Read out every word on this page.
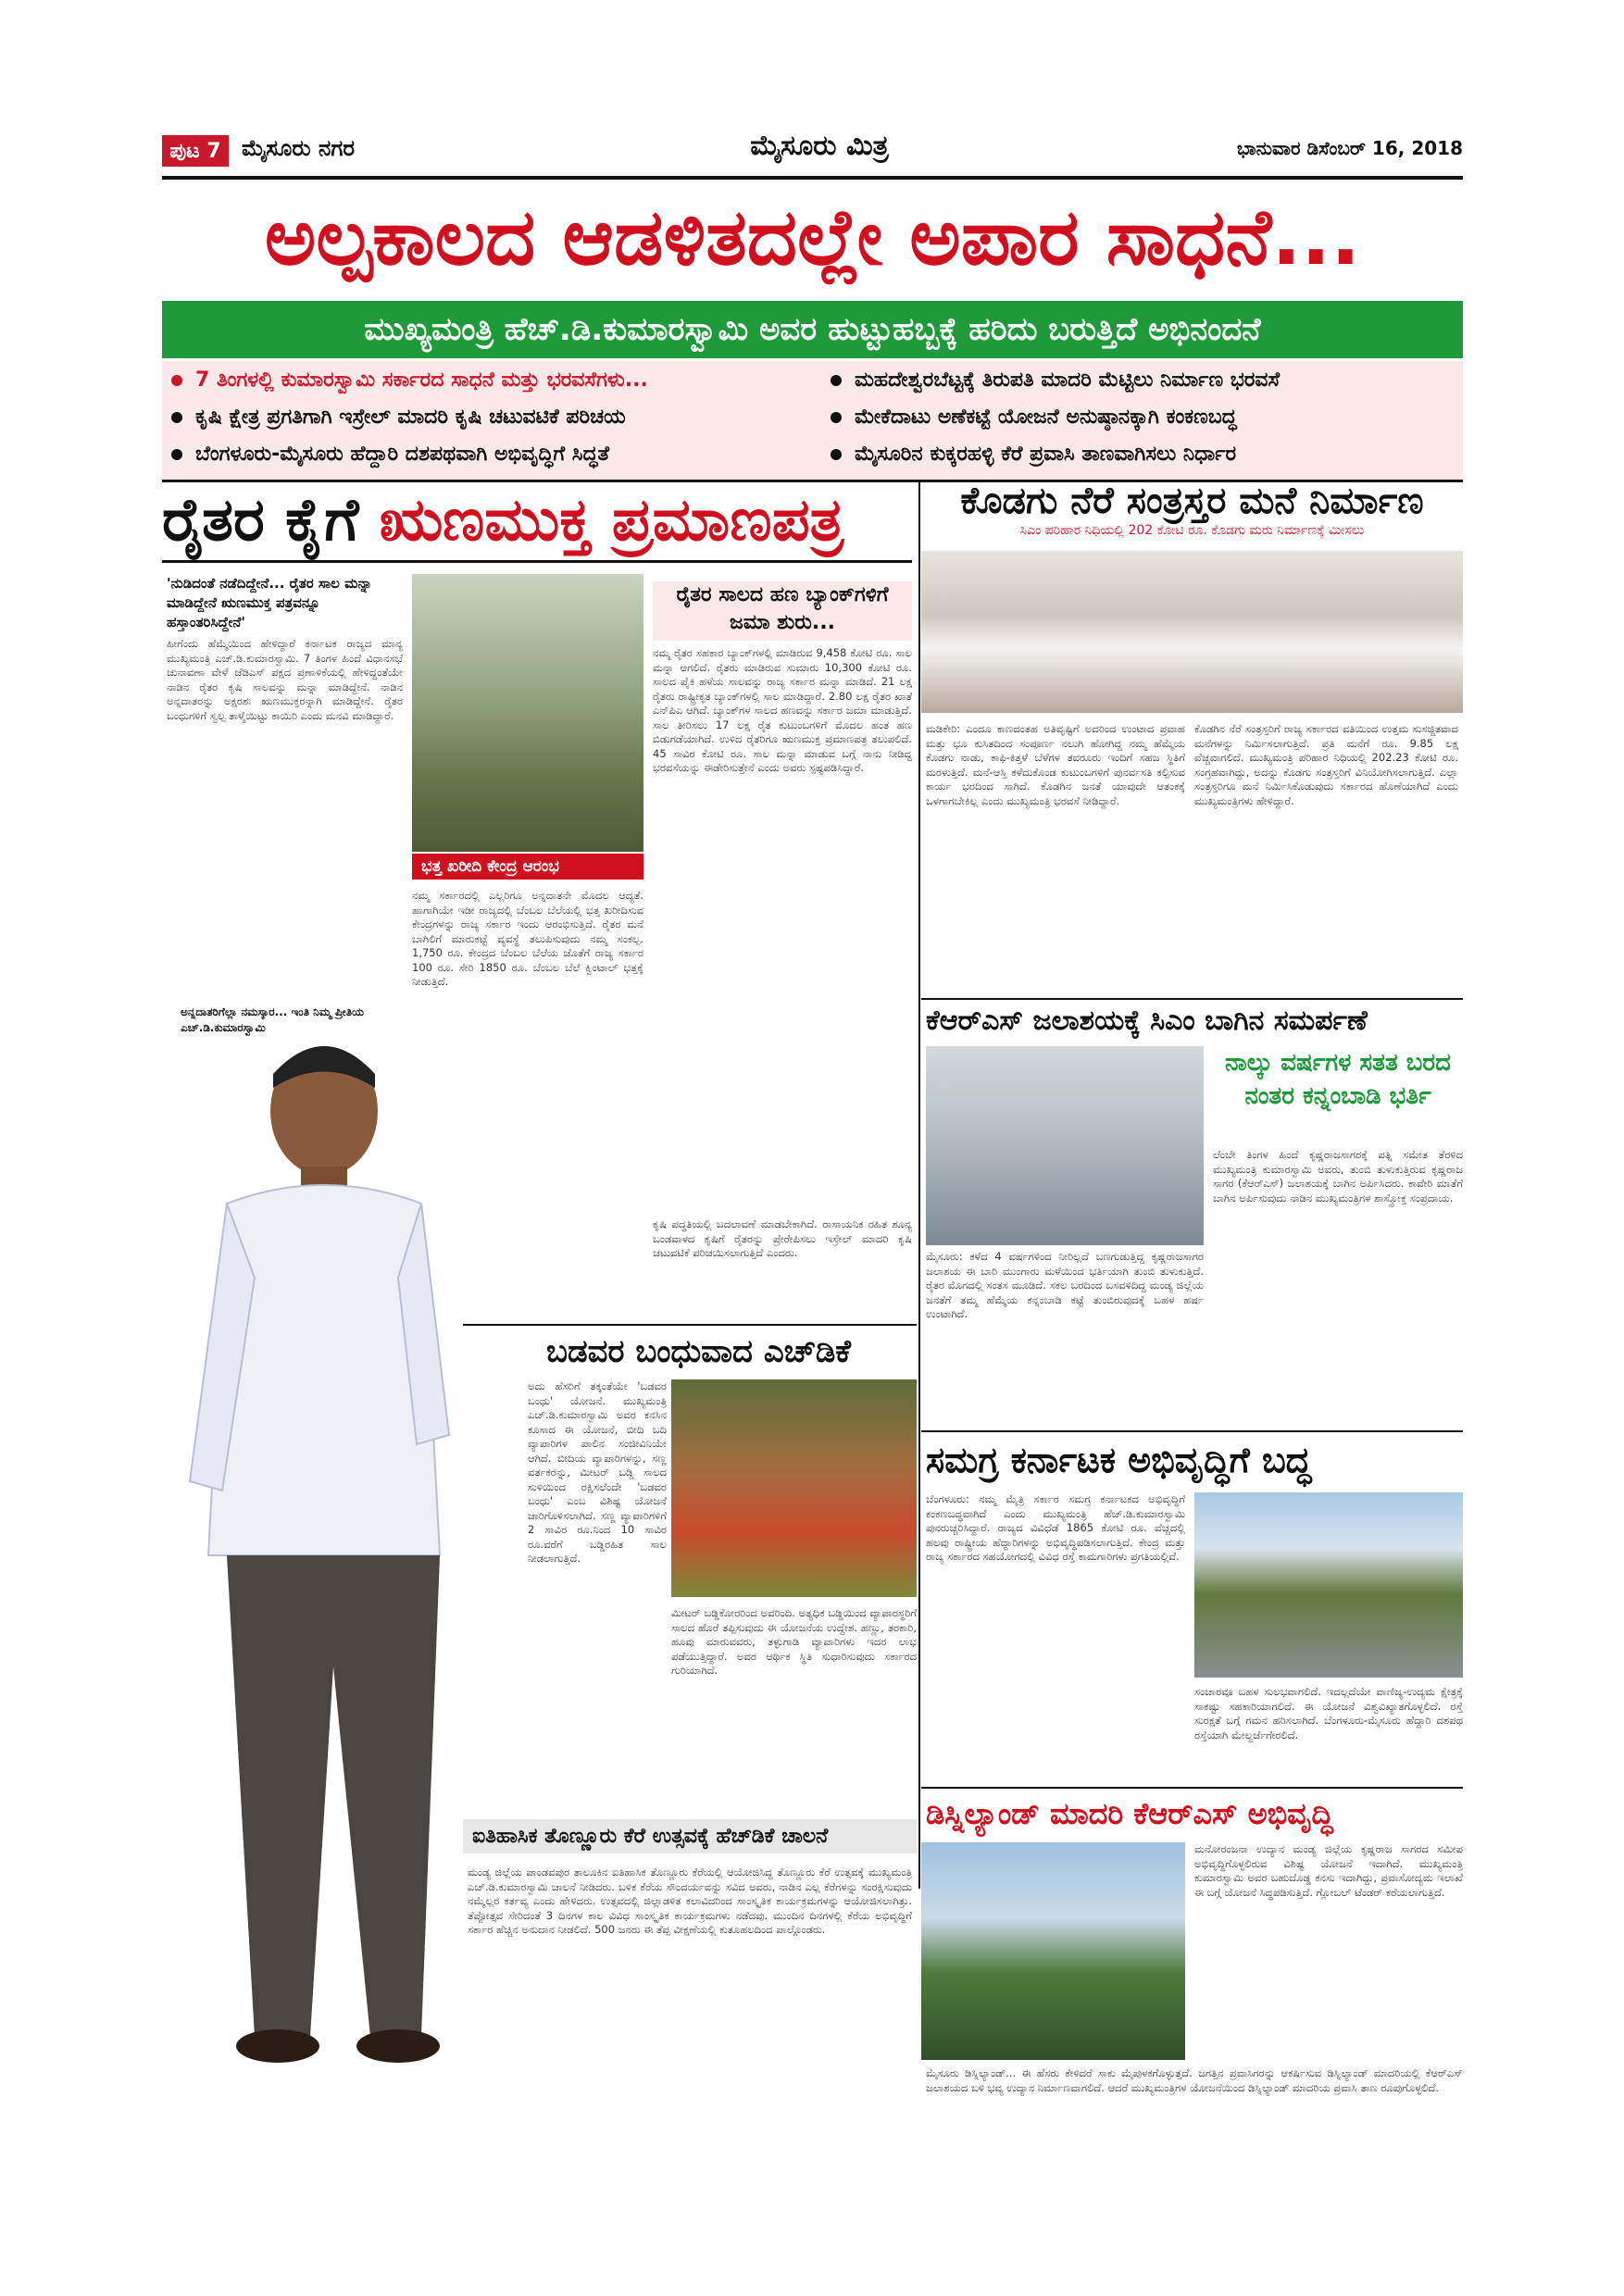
ಪುಟ 7 ಮೈಸೂರು ನಗರ	ಮೈಸೂರು ಮಿತ್ರ	ಭಾನುವಾರ ಡಿಸೆಂಬರ್ 16, 2018
ಅಲ್ಪಕಾಲದ ಆಡಳಿತದಲ್ಲೇ ಅಪಾರ ಸಾಧನೆ...
ಮುಖ್ಯಮಂತ್ರಿ ಹೆಚ್.ಡಿ.ಕುಮಾರಸ್ವಾಮಿ ಅವರ ಹುಟ್ಟುಹಬ್ಬಕ್ಕೆ ಹರಿದು ಬರುತ್ತಿದೆ ಅಭಿನಂದನೆ
7 ತಿಂಗಳಲ್ಲಿ ಕುಮಾರಸ್ವಾಮಿ ಸರ್ಕಾರದ ಸಾಧನೆ ಮತ್ತು ಭರವಸೆಗಳು...
ಕೃಷಿ ಕ್ಷೇತ್ರ ಪ್ರಗತಿಗಾಗಿ ಇಸ್ರೇಲ್ ಮಾದರಿ ಕೃಷಿ ಚಟುವಟಿಕೆ ಪರಿಚಯ
ಬೆಂಗಳೂರು-ಮೈಸೂರು ಹೆದ್ದಾರಿ ದಶಪಥವಾಗಿ ಅಭಿವೃದ್ಧಿಗೆ ಸಿದ್ಧತೆ
ಮಹದೇಶ್ವರಬೆಟ್ಟಕ್ಕೆ ತಿರುಪತಿ ಮಾದರಿ ಮೆಟ್ಟಿಲು ನಿರ್ಮಾಣ ಭರವಸೆ
ಮೇಕೆದಾಟು ಅಣೆಕಟ್ಟೆ ಯೋಜನೆ ಅನುಷ್ಠಾನಕ್ಕಾಗಿ ಕಂಕಣಬದ್ಧ
ಮೈಸೂರಿನ ಕುಕ್ಕರಹಳ್ಳಿ ಕೆರೆ ಪ್ರವಾಸಿ ತಾಣವಾಗಿಸಲು ನಿರ್ಧಾರ
ರೈತರ ಕೈಗೆ ಋಣಮುಕ್ತ ಪ್ರಮಾಣಪತ್ರ	ಕೊಡಗು ನೆರೆ ಸಂತ್ರಸ್ತರ ಮನೆ ನಿರ್ಮಾಣ
ಸಿಎಂ ಪರಿಹಾರ ನಿಧಿಯಲ್ಲಿ 202 ಕೋಟಿ ರೂ. ಕೊಡಗು ಮರು ನಿರ್ಮಾಣಕ್ಕೆ ಮೀಸಲು
'ನುಡಿದಂತೆ ನಡೆದಿದ್ದೇನೆ... ರೈತರ ಸಾಲ ಮನ್ನಾ ಮಾಡಿದ್ದೇನೆ ಋಣಮುಕ್ತ ಪತ್ರವನ್ನೂ ಹಸ್ತಾಂತರಿಸಿದ್ದೇನೆ'
ಹೀಗೆಂದು ಹೆಮ್ಮೆಯಿಂದ ಹೇಳಿದ್ದಾರೆ ಕರ್ನಾಟಕ ರಾಜ್ಯದ ಮಾನ್ಯ ಮುಖ್ಯಮಂತ್ರಿ ಎಚ್.ಡಿ.ಕುಮಾರಸ್ವಾಮಿ. 7 ತಿಂಗಳ ಹಿಂದೆ ವಿಧಾನಸಭೆ ಚುನಾವಣಾ ವೇಳೆ ಜೆಡಿಎಸ್ ಪಕ್ಷದ ಪ್ರಣಾಳಿಕೆಯಲ್ಲಿ ಹೇಳಿದ್ದಂತೆಯೇ ನಾಡಿನ ರೈತರ ಕೃಷಿ ಸಾಲವನ್ನು ಮನ್ನಾ ಮಾಡಿದ್ದೇನೆ. ನಾಡಿನ ಅನ್ನದಾತರನ್ನು ಅಕ್ಷರಶಃ ಋಣಮುಕ್ತರನ್ನಾಗಿ ಮಾಡಿದ್ದೇನೆ. ರೈತರ ಬಂಧುಗಳಿಗೆ ಸ್ವಲ್ಪ ತಾಳ್ಮೆಯಿಟ್ಟು ಕಾಯಿರಿ ಎಂದು ಮನವಿ ಮಾಡಿದ್ದಾರೆ.
ಅನ್ನದಾತರಿಗೆಲ್ಲಾ ನಮಸ್ಕಾರ... ಇಂತಿ ನಿಮ್ಮ ಪ್ರೀತಿಯ ಎಚ್.ಡಿ.ಕುಮಾರಸ್ವಾಮಿ
ಭತ್ತ ಖರೀದಿ ಕೇಂದ್ರ ಆರಂಭ
ನಮ್ಮ ಸರ್ಕಾರದಲ್ಲಿ ಎಲ್ಲರಿಗೂ ಅನ್ನದಾತನೇ ಮೊದಲ ಆದ್ಯತೆ. ಹಾಗಾಗಿಯೇ ಇಡೀ ರಾಜ್ಯದಲ್ಲಿ ಬೆಂಬಲ ಬೆಲೆಯಲ್ಲಿ ಭತ್ತ ಖರೀದಿಸುವ ಕೇಂದ್ರಗಳನ್ನು ರಾಜ್ಯ ಸರ್ಕಾರ ಇಂದು ಆರಂಭಿಸುತ್ತಿದೆ. ರೈತರ ಮನೆ ಬಾಗಿಲಿಗೆ ಮಾರುಕಟ್ಟೆ ವ್ಯವಸ್ಥೆ ತಲುಪಿಸುವುದು ನಮ್ಮ ಸಂಕಲ್ಪ. 1,750 ರೂ. ಕೇಂದ್ರದ ಬೆಂಬಲ ಬೆಲೆಯ ಜೊತೆಗೆ ರಾಜ್ಯ ಸರ್ಕಾರ 100 ರೂ. ಸೇರಿ 1850 ರೂ. ಬೆಂಬಲ ಬೆಲೆ ಕ್ವಿಂಟಾಲ್ ಭತ್ತಕ್ಕೆ ನೀಡುತ್ತಿದೆ.
ರೈತರ ಸಾಲದ ಹಣ ಬ್ಯಾಂಕ್‌ಗಳಿಗೆ ಜಮಾ ಶುರು...
ನಮ್ಮ ರೈತರ ಸಹಕಾರ ಬ್ಯಾಂಕ್‌ಗಳಲ್ಲಿ ಮಾಡಿರುವ 9,458 ಕೋಟಿ ರೂ. ಸಾಲ ಮನ್ನಾ ಆಗಲಿದೆ. ರೈತರು ಮಾಡಿರುವ ಸುಮಾರು 10,300 ಕೋಟಿ ರೂ. ಸಾಲದ ಪೈಕಿ ಹಳೆಯ ಸಾಲವನ್ನು ರಾಜ್ಯ ಸರ್ಕಾರ ಮನ್ನಾ ಮಾಡಿದೆ. 21 ಲಕ್ಷ ರೈತರು ರಾಷ್ಟ್ರೀಕೃತ ಬ್ಯಾಂಕ್‌ಗಳಲ್ಲಿ ಸಾಲ ಮಾಡಿದ್ದಾರೆ. 2.80 ಲಕ್ಷ ರೈತರ ಖಾತೆ ಎನ್‌ಪಿಎ ಆಗಿದೆ. ಬ್ಯಾಂಕ್‌ಗಳ ಸಾಲದ ಹಣವನ್ನು ಸರ್ಕಾರ ಜಮಾ ಮಾಡುತ್ತಿದೆ. ಸಾಲ ತೀರಿಸಲು 17 ಲಕ್ಷ ರೈತ ಕುಟುಂಬಗಳಿಗೆ ಮೊದಲ ಹಂತ ಹಣ ಬಿಡುಗಡೆಯಾಗಿದೆ. ಉಳಿದ ರೈತರಿಗೂ ಋಣಮುಕ್ತ ಪ್ರಮಾಣಪತ್ರ ತಲುಪಲಿದೆ. 45 ಸಾವಿರ ಕೋಟಿ ರೂ. ಸಾಲ ಮನ್ನಾ ಮಾಡುವ ಬಗ್ಗೆ ನಾನು ನೀಡಿದ್ದ ಭರವಸೆಯನ್ನು ಈಡೇರಿಸುತ್ತೇನೆ ಎಂದು ಅವರು ಸ್ಪಷ್ಟಪಡಿಸಿದ್ದಾರೆ.
ಕೃಷಿ ಪದ್ಧತಿಯಲ್ಲಿ ಬದಲಾವಣೆ ಮಾಡಬೇಕಾಗಿದೆ. ರಾಸಾಯನಿಕ ರಹಿತ ಶೂನ್ಯ ಬಂಡವಾಳದ ಕೃಷಿಗೆ ರೈತರನ್ನು ಪ್ರೇರೇಪಿಸಲು ಇಸ್ರೇಲ್ ಮಾದರಿ ಕೃಷಿ ಚಟುವಟಿಕೆ ಪರಿಚಯಿಸಲಾಗುತ್ತಿದೆ ಎಂದರು.
ಮಡಿಕೇರಿ: ಎಂದೂ ಕಾಣದಂತಹ ಅತಿವೃಷ್ಟಿಗೆ ಅದರಿಂದ ಉಂಟಾದ ಪ್ರವಾಹ ಮತ್ತು ಭೂ ಕುಸಿತದಿಂದ ಸಂಪೂರ್ಣ ನಲುಗಿ ಹೋಗಿದ್ದ ನಮ್ಮ ಹೆಮ್ಮೆಯ ಕೊಡಗು ನಾಡು, ಕಾಫಿ-ಕಿತ್ತಳೆ ಬೆಳೆಗಳ ತವರೂರು ಇಂದಿಗೆ ಸಹಜ ಸ್ಥಿತಿಗೆ ಮರಳುತ್ತಿದೆ. ಮನೆ-ಆಸ್ತಿ ಕಳೆದುಕೊಂಡ ಕುಟುಂಬಗಳಿಗೆ ಪುನರ್ವಸತಿ ಕಲ್ಪಿಸುವ ಕಾರ್ಯ ಭರದಿಂದ ಸಾಗಿದೆ. ಕೊಡಗಿನ ಜನತೆ ಯಾವುದೇ ಆತಂಕಕ್ಕೆ ಒಳಗಾಗಬೇಕಿಲ್ಲ ಎಂದು ಮುಖ್ಯಮಂತ್ರಿ ಭರವಸೆ ನೀಡಿದ್ದಾರೆ.
ಕೊಡಗಿನ ನೆರೆ ಸಂತ್ರಸ್ತರಿಗೆ ರಾಜ್ಯ ಸರ್ಕಾರದ ವತಿಯಿಂದ ಉತ್ತಮ ಸುಸಜ್ಜಿತವಾದ ಮನೆಗಳನ್ನು ನಿರ್ಮಿಸಲಾಗುತ್ತಿದೆ. ಪ್ರತಿ ಮನೆಗೆ ರೂ. 9.85 ಲಕ್ಷ ವೆಚ್ಚವಾಗಲಿದೆ. ಮುಖ್ಯಮಂತ್ರಿ ಪರಿಹಾರ ನಿಧಿಯಲ್ಲಿ 202.23 ಕೋಟಿ ರೂ. ಸಂಗ್ರಹವಾಗಿದ್ದು, ಅದನ್ನು ಕೊಡಗು ಸಂತ್ರಸ್ತರಿಗೆ ವಿನಿಯೋಗಿಸಲಾಗುತ್ತಿದೆ. ಎಲ್ಲಾ ಸಂತ್ರಸ್ತರಿಗೂ ಮನೆ ನಿರ್ಮಿಸಿಕೊಡುವುದು ಸರ್ಕಾರದ ಹೊಣೆಯಾಗಿದೆ ಎಂದು ಮುಖ್ಯಮಂತ್ರಿಗಳು ಹೇಳಿದ್ದಾರೆ.
ಕೆಆರ್‌ಎಸ್ ಜಲಾಶಯಕ್ಕೆ ಸಿಎಂ ಬಾಗಿನ ಸಮರ್ಪಣೆ
ನಾಲ್ಕು ವರ್ಷಗಳ ಸತತ ಬರದ ನಂತರ ಕನ್ನಂಬಾಡಿ ಭರ್ತಿ
ಲೆಂಬೇ ತಿಂಗಳ ಹಿಂದೆ ಕೃಷ್ಣರಾಜಸಾಗರಕ್ಕೆ ಪತ್ನಿ ಸಮೇತ ತೆರಳಿದ ಮುಖ್ಯಮಂತ್ರಿ ಕುಮಾರಸ್ವಾಮಿ ಅವರು, ತುಂಬಿ ತುಳುಕುತ್ತಿರುವ ಕೃಷ್ಣರಾಜ ಸಾಗರ (ಕೆಆರ್‌ಎಸ್) ಜಲಾಶಯಕ್ಕೆ ಬಾಗಿನ ಅರ್ಪಿಸಿದರು. ಕಾವೇರಿ ಮಾತೆಗೆ ಬಾಗಿನ ಅರ್ಪಿಸುವುದು ನಾಡಿನ ಮುಖ್ಯಮಂತ್ರಿಗಳ ಶಾಸ್ತ್ರೋಕ್ತ ಸಂಪ್ರದಾಯ.
ಮೈಸೂರು: ಕಳೆದ 4 ವರ್ಷಗಳಿಂದ ನೀರಿಲ್ಲದೆ ಬಣಗುಡುತ್ತಿದ್ದ ಕೃಷ್ಣರಾಜಸಾಗರ ಜಲಾಶಯ ಈ ಬಾರಿ ಮುಂಗಾರು ಮಳೆಯಿಂದ ಭರ್ತಿಯಾಗಿ ತುಂಬಿ ತುಳುಕುತ್ತಿದೆ. ರೈತರ ಮೊಗದಲ್ಲಿ ಸಂತಸ ಮೂಡಿದೆ. ಸಕಲ ಬರದಿಂದ ಬಸವಳಿದಿದ್ದ ಮಂಡ್ಯ ಜಿಲ್ಲೆಯ ಜನತೆಗೆ ತಮ್ಮ ಹೆಮ್ಮೆಯ ಕನ್ನಂಬಾಡಿ ಕಟ್ಟೆ ತುಂಬಿರುವುದಕ್ಕೆ ಬಹಳ ಹರ್ಷ ಉಂಟಾಗಿದೆ.
ಬಡವರ ಬಂಧುವಾದ ಎಚ್‌ಡಿಕೆ
ಅದು ಹೆಸರಿಗೆ ತಕ್ಕಂತೆಯೇ 'ಬಡವರ ಬಂಧು' ಯೋಜನೆ. ಮುಖ್ಯಮಂತ್ರಿ ಎಚ್.ಡಿ.ಕುಮಾರಸ್ವಾಮಿ ಅವರ ಕನಸಿನ ಕೂಸಾದ ಈ ಯೋಜನೆ, ಬೀದಿ ಬದಿ ವ್ಯಾಪಾರಿಗಳ ಪಾಲಿನ ಸಂಜೀವಿನಿಯೇ ಆಗಿದೆ. ಬೀದಿಯ ವ್ಯಾಪಾರಿಗಳನ್ನು, ಸಣ್ಣ ವರ್ತಕರನ್ನು, ಮೀಟರ್ ಬಡ್ಡಿ ಸಾಲದ ಸುಳಿಯಿಂದ ರಕ್ಷಿಸಲೆಂದೇ 'ಬಡವರ ಬಂಧು' ಎಂಬ ವಿಶಿಷ್ಟ ಯೋಜನೆ ಜಾರಿಗೊಳಿಸಲಾಗಿದೆ. ಸಣ್ಣ ವ್ಯಾಪಾರಿಗಳಿಗೆ 2 ಸಾವಿರ ರೂ.ನಿಂದ 10 ಸಾವಿರ ರೂ.ವರೆಗೆ ಬಡ್ಡಿರಹಿತ ಸಾಲ ನೀಡಲಾಗುತ್ತಿದೆ.
ಮೀಟರ್ ಬಡ್ಡಿಕೋರರಿಂದ ಅವರಿಂದಿ. ಅತ್ಯಧಿಕ ಬಡ್ಡಿಯಿಂದ ವ್ಯಾಪಾರಸ್ಥರಿಗೆ ಸಾಲದ ಹೊರೆ ತಪ್ಪಿಸುವುದು ಈ ಯೋಜನೆಯ ಉದ್ದೇಶ. ಹಣ್ಣು, ತರಕಾರಿ, ಹೂವು ಮಾರುವವರು, ತಳ್ಳುಗಾಡಿ ವ್ಯಾಪಾರಿಗಳು ಇದರ ಲಾಭ ಪಡೆಯುತ್ತಿದ್ದಾರೆ. ಅವರ ಆರ್ಥಿಕ ಸ್ಥಿತಿ ಸುಧಾರಿಸುವುದು ಸರ್ಕಾರದ ಗುರಿಯಾಗಿದೆ.
ಐತಿಹಾಸಿಕ ತೊಣ್ಣೂರು ಕೆರೆ ಉತ್ಸವಕ್ಕೆ ಹೆಚ್‌ಡಿಕೆ ಚಾಲನೆ
ಮಂಡ್ಯ ಜಿಲ್ಲೆಯ ಪಾಂಡವಪುರ ತಾಲೂಕಿನ ಐತಿಹಾಸಿಕ ತೊಣ್ಣೂರು ಕೆರೆಯಲ್ಲಿ ಆಯೋಜಿಸಿದ್ದ ತೊಣ್ಣೂರು ಕೆರೆ ಉತ್ಸವಕ್ಕೆ ಮುಖ್ಯಮಂತ್ರಿ ಎಚ್.ಡಿ.ಕುಮಾರಸ್ವಾಮಿ ಚಾಲನೆ ನೀಡಿದರು. ಬಳಿಕ ಕೆರೆಯ ಸೌಂದರ್ಯವನ್ನು ಸವಿದ ಅವರು, ನಾಡಿನ ಎಲ್ಲ ಕೆರೆಗಳನ್ನು ಸಂರಕ್ಷಿಸುವುದು ನಮ್ಮೆಲ್ಲರ ಕರ್ತವ್ಯ ಎಂದು ಹೇಳಿದರು. ಉತ್ಸವದಲ್ಲಿ ಜಿಲ್ಲಾಡಳಿತ ಕಲಾವಿದರಿಂದ ಸಾಂಸ್ಕೃತಿಕ ಕಾರ್ಯಕ್ರಮಗಳನ್ನು ಆಯೋಜಿಸಲಾಗಿತ್ತು. ತೆಪ್ಪೋತ್ಸವ ಸೇರಿದಂತೆ 3 ದಿನಗಳ ಕಾಲ ವಿವಿಧ ಸಾಂಸ್ಕೃತಿಕ ಕಾರ್ಯಕ್ರಮಗಳು ನಡೆದವು. ಮುಂದಿನ ದಿನಗಳಲ್ಲಿ ಕೆರೆಯ ಅಭಿವೃದ್ಧಿಗೆ ಸರ್ಕಾರ ಹೆಚ್ಚಿನ ಅನುದಾನ ನೀಡಲಿದೆ. 500 ಜನರು ಈ ತೆಪ್ಪ ವೀಕ್ಷಣೆಯಲ್ಲಿ ಕುತೂಹಲದಿಂದ ಪಾಲ್ಗೊಂಡರು.
ಸಮಗ್ರ ಕರ್ನಾಟಕ ಅಭಿವೃದ್ಧಿಗೆ ಬದ್ಧ
ಬೆಂಗಳೂರು: ನಮ್ಮ ಮೈತ್ರಿ ಸರ್ಕಾರ ಸಮಗ್ರ ಕರ್ನಾಟಕದ ಅಭಿವೃದ್ಧಿಗೆ ಕಂಕಣಬದ್ಧವಾಗಿದೆ ಎಂದು ಮುಖ್ಯಮಂತ್ರಿ ಹೆಚ್.ಡಿ.ಕುಮಾರಸ್ವಾಮಿ ಪುನರುಚ್ಚರಿಸಿದ್ದಾರೆ. ರಾಜ್ಯದ ವಿವಿಧೆಡೆ 1865 ಕೋಟಿ ರೂ. ವೆಚ್ಚದಲ್ಲಿ ಹಲವು ರಾಷ್ಟ್ರೀಯ ಹೆದ್ದಾರಿಗಳನ್ನು ಅಭಿವೃದ್ಧಿಪಡಿಸಲಾಗುತ್ತಿದೆ. ಕೇಂದ್ರ ಮತ್ತು ರಾಜ್ಯ ಸರ್ಕಾರದ ಸಹಯೋಗದಲ್ಲಿ ವಿವಿಧ ರಸ್ತೆ ಕಾಮಗಾರಿಗಳು ಪ್ರಗತಿಯಲ್ಲಿವೆ.
ಸಂಚಾರವೂ ಬಹಳ ಸುಲಭವಾಗಲಿದೆ. ಇದಲ್ಲದೆಯೇ ವಾಣಿಜ್ಯ-ಉದ್ಯಮ ಕ್ಷೇತ್ರಕ್ಕೆ ಸಾಕಷ್ಟು ಸಹಕಾರಿಯಾಗಲಿದೆ. ಈ ಯೋಜನೆ ವಿಶ್ವವಿಖ್ಯಾತಗೊಳ್ಳಲಿದೆ. ರಸ್ತೆ ಸುರಕ್ಷತೆ ಬಗ್ಗೆ ಗಮನ ಹರಿಸಲಾಗಿದೆ. ಬೆಂಗಳೂರು-ಮೈಸೂರು ಹೆದ್ದಾರಿ ದಶಪಥ ರಸ್ತೆಯಾಗಿ ಮೇಲ್ದರ್ಜೆಗೇರಲಿದೆ.
ಡಿಸ್ನಿಲ್ಯಾಂಡ್ ಮಾದರಿ ಕೆಆರ್‌ಎಸ್ ಅಭಿವೃದ್ಧಿ
ಮನೋರಂಜನಾ ಉದ್ಯಾನ ಮಂಡ್ಯ ಜಿಲ್ಲೆಯ ಕೃಷ್ಣರಾಜ ಸಾಗರದ ಸಮೀಪ ಅಭಿವೃದ್ಧಿಗೊಳ್ಳಲಿರುವ ವಿಶಿಷ್ಟ ಯೋಜನೆ ಇದಾಗಿದೆ. ಮುಖ್ಯಮಂತ್ರಿ ಕುಮಾರಸ್ವಾಮಿ ಅವರ ಬಹುದೊಡ್ಡ ಕನಸು ಇದಾಗಿದ್ದು, ಪ್ರವಾಸೋದ್ಯಮ ಇಲಾಖೆ ಈ ಬಗ್ಗೆ ಯೋಜನೆ ಸಿದ್ಧಪಡಿಸುತ್ತಿದೆ. ಗ್ಲೋಬಲ್ ಟೆಂಡರ್ ಕರೆಯಲಾಗುತ್ತಿದೆ.
ಮೈಸೂರು ಡಿಸ್ನಿಲ್ಯಾಂಡ್... ಈ ಹೆಸರು ಕೇಳಿದರೆ ಸಾಕು ಮೈಪುಳಕಗೊಳ್ಳುತ್ತದೆ. ಜಗತ್ತಿನ ಪ್ರವಾಸಿಗರನ್ನು ಆಕರ್ಷಿಸುವ ಡಿಸ್ನಿಲ್ಯಾಂಡ್ ಮಾದರಿಯಲ್ಲಿ ಕೆಆರ್‌ಎಸ್ ಜಲಾಶಯದ ಬಳಿ ಭವ್ಯ ಉದ್ಯಾನ ನಿರ್ಮಾಣವಾಗಲಿದೆ. ಆದರೆ ಮುಖ್ಯಮಂತ್ರಿಗಳ ಯೋಜನೆಯಿಂದ ಡಿಸ್ನಿಲ್ಯಾಂಡ್ ಮಾದರಿಯ ಪ್ರವಾಸಿ ತಾಣ ರೂಪುಗೊಳ್ಳಲಿದೆ.
